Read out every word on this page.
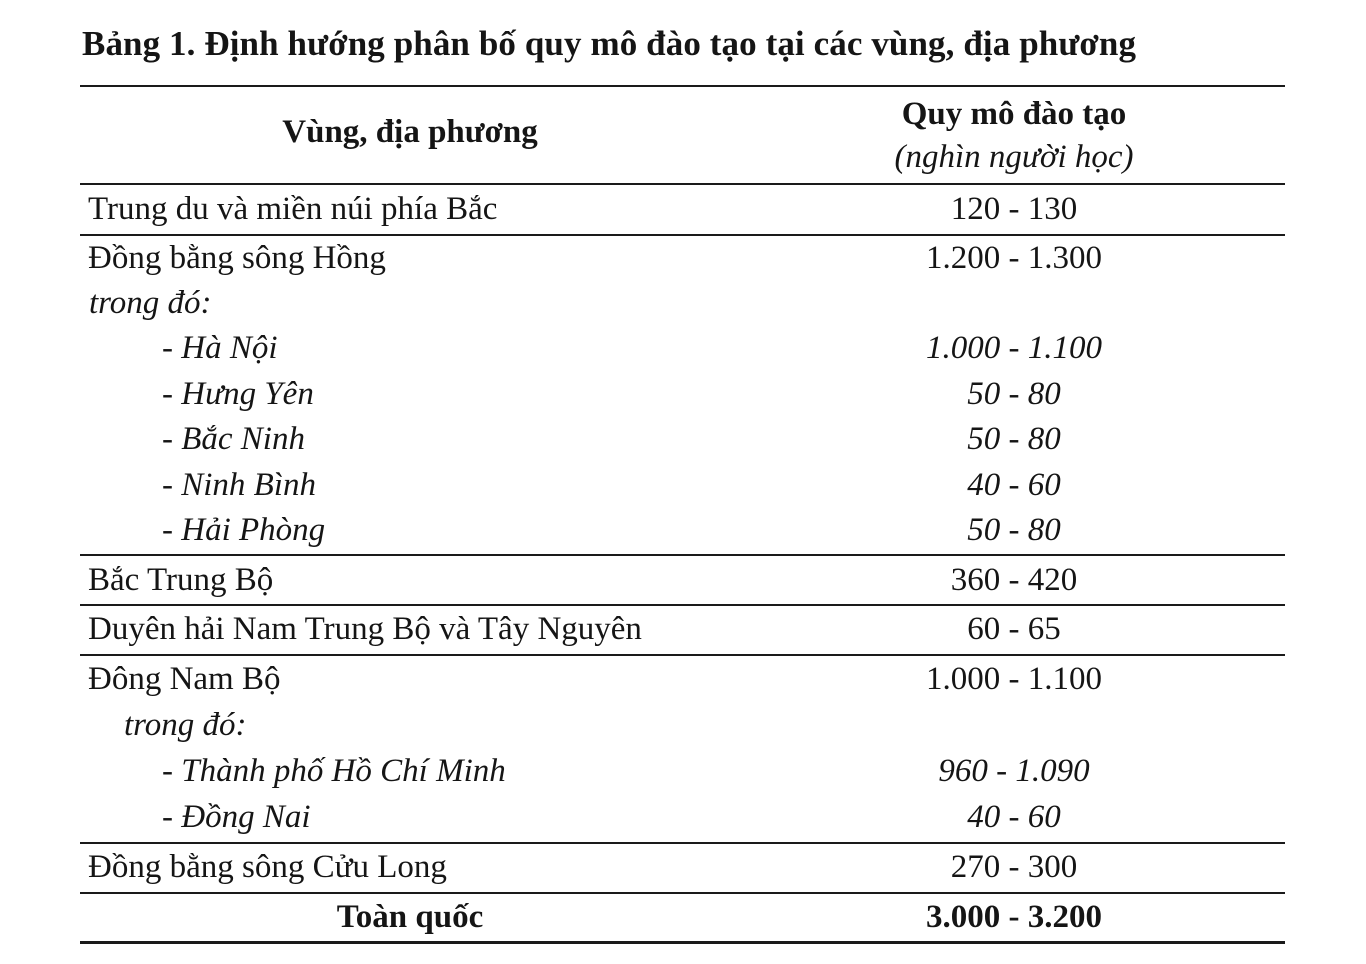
Bảng 1. Định hướng phân bố quy mô đào tạo tại các vùng, địa phương
Vùng, địa phương	Quy mô đào tạo
(nghìn người học)
Trung du và miền núi phía Bắc	120 - 130
Đồng bằng sông Hồng	1.200 - 1.300
trong đó:
- Hà Nội	1.000 - 1.100
- Hưng Yên	50 - 80
- Bắc Ninh	50 - 80
- Ninh Bình	40 - 60
- Hải Phòng	50 - 80
Bắc Trung Bộ	360 - 420
Duyên hải Nam Trung Bộ và Tây Nguyên	60 - 65
Đông Nam Bộ	1.000 - 1.100
trong đó:
- Thành phố Hồ Chí Minh	960 - 1.090
- Đồng Nai	40 - 60
Đồng bằng sông Cửu Long	270 - 300
Toàn quốc	3.000 - 3.200
